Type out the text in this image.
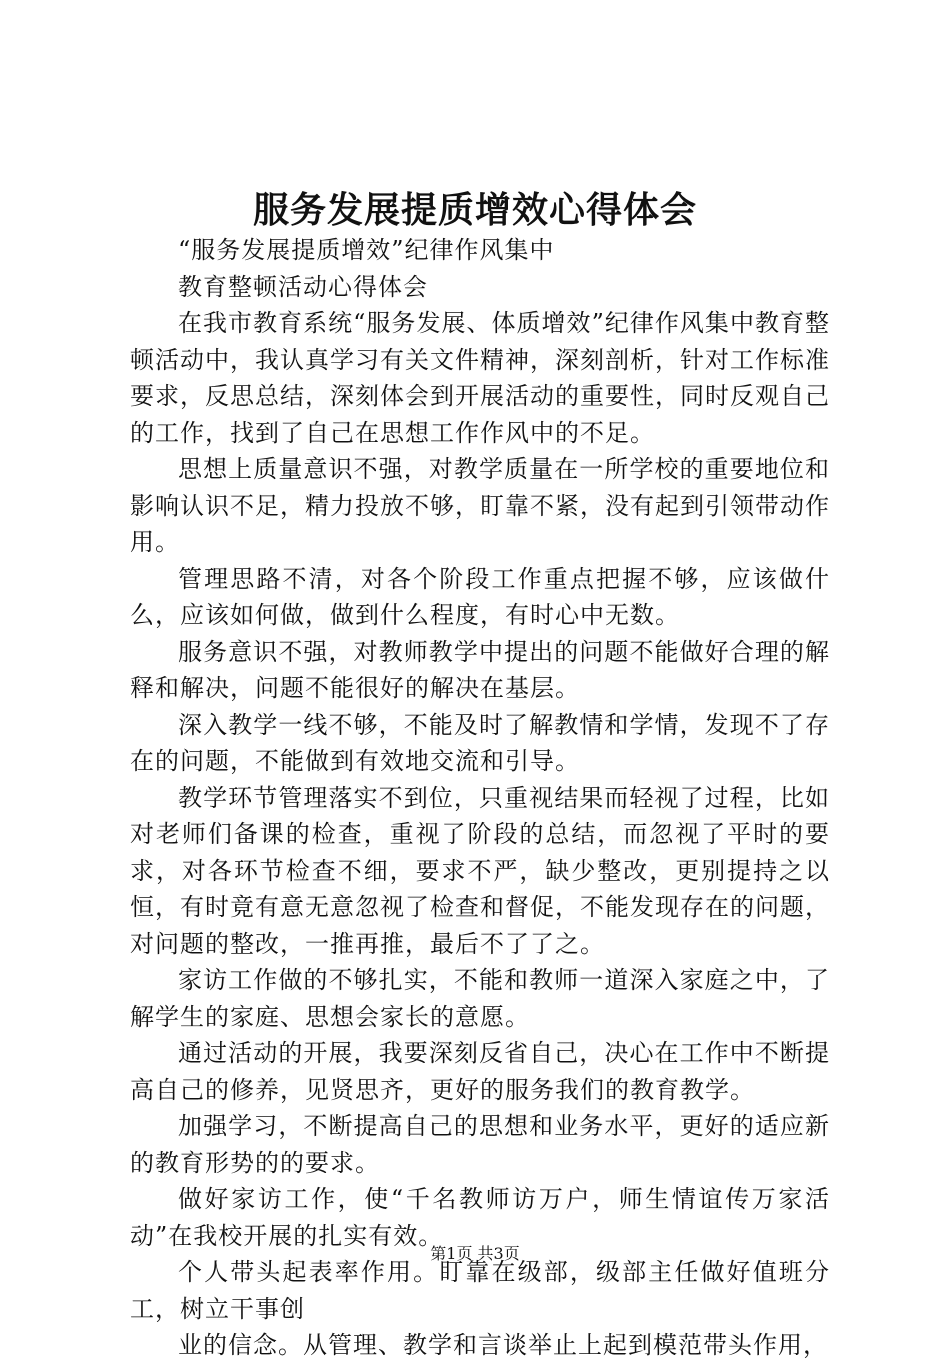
服务发展提质增效心得体会

“服务发展提质增效”纪律作风集中

教育整顿活动心得体会

在我市教育系统“服务发展、体质增效”纪律作风集中教育整顿活动中，我认真学习有关文件精神，深刻剖析，针对工作标准要求，反思总结，深刻体会到开展活动的重要性，同时反观自己的工作，找到了自己在思想工作作风中的不足。

思想上质量意识不强，对教学质量在一所学校的重要地位和影响认识不足，精力投放不够，盯靠不紧，没有起到引领带动作用。

管理思路不清，对各个阶段工作重点把握不够，应该做什么，应该如何做，做到什么程度，有时心中无数。

服务意识不强，对教师教学中提出的问题不能做好合理的解释和解决，问题不能很好的解决在基层。

深入教学一线不够，不能及时了解教情和学情，发现不了存在的问题，不能做到有效地交流和引导。

教学环节管理落实不到位，只重视结果而轻视了过程，比如对老师们备课的检查，重视了阶段的总结，而忽视了平时的要求，对各环节检查不细，要求不严，缺少整改，更别提持之以恒，有时竟有意无意忽视了检查和督促，不能发现存在的问题，对问题的整改，一推再推，最后不了了之。

家访工作做的不够扎实，不能和教师一道深入家庭之中，了解学生的家庭、思想会家长的意愿。

通过活动的开展，我要深刻反省自己，决心在工作中不断提高自己的修养，见贤思齐，更好的服务我们的教育教学。

加强学习，不断提高自己的思想和业务水平，更好的适应新的教育形势的的要求。

做好家访工作，使“千名教师访万户，师生情谊传万家活动”在我校开展的扎实有效。

个人带头起表率作用。盯靠在级部，级部主任做好值班分工，树立干事创

业的信念。从管理、教学和言谈举止上起到模范带头作用，

第1页 共3页
